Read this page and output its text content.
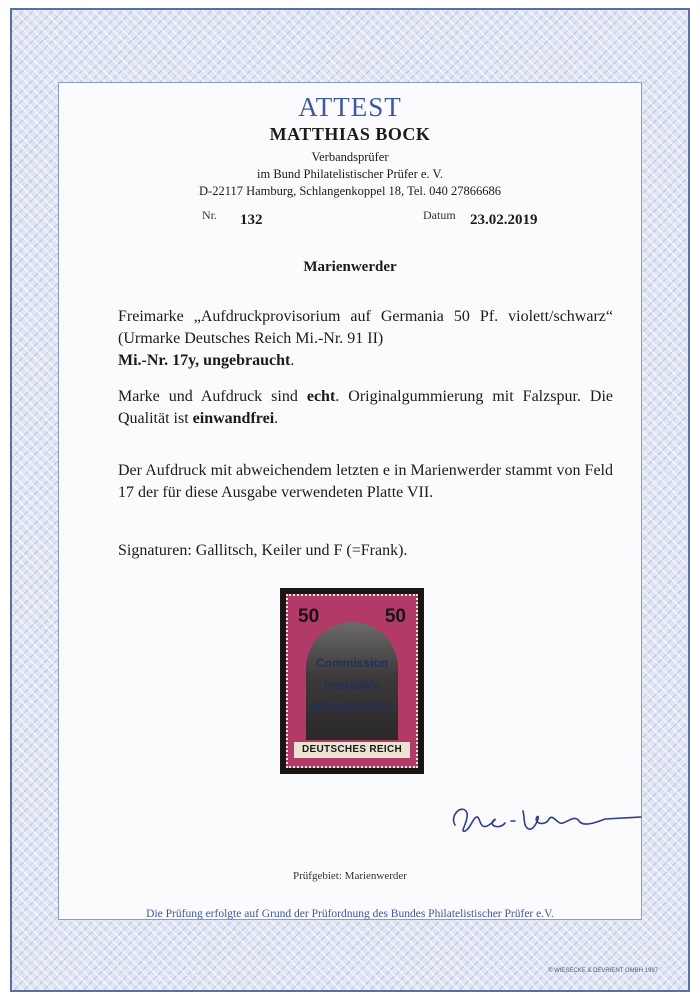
ATTEST
MATTHIAS BOCK
Verbandsprüfer
im Bund Philatelistischer Prüfer e. V.
D-22117 Hamburg, Schlangenkoppel 18, Tel. 040 27866686
Nr. 132	Datum 23.02.2019
Marienwerder

Freimarke „Aufdruckprovisorium auf Germania 50 Pf. violett/schwarz“ (Urmarke Deutsches Reich Mi.-Nr. 91 II)
Mi.-Nr. 17y, ungebraucht.

Marke und Aufdruck sind echt. Originalgummierung mit Falzspur. Die Qualität ist einwandfrei.

Der Aufdruck mit abweichendem letzten e in Marienwerder stammt von Feld 17 der für diese Ausgabe verwendeten Platte VII.

Signaturen: Gallitsch, Keiler und F (=Frank).

50	50
Commission
Interalliée
Marienwerder
DEUTSCHES REICH
Prüfgebiet: Marienwerder
Die Prüfung erfolgte auf Grund der Prüfordnung des Bundes Philatelistischer Prüfer e.V.
© WIESECKE & DEVRIENT GMBH 1997
